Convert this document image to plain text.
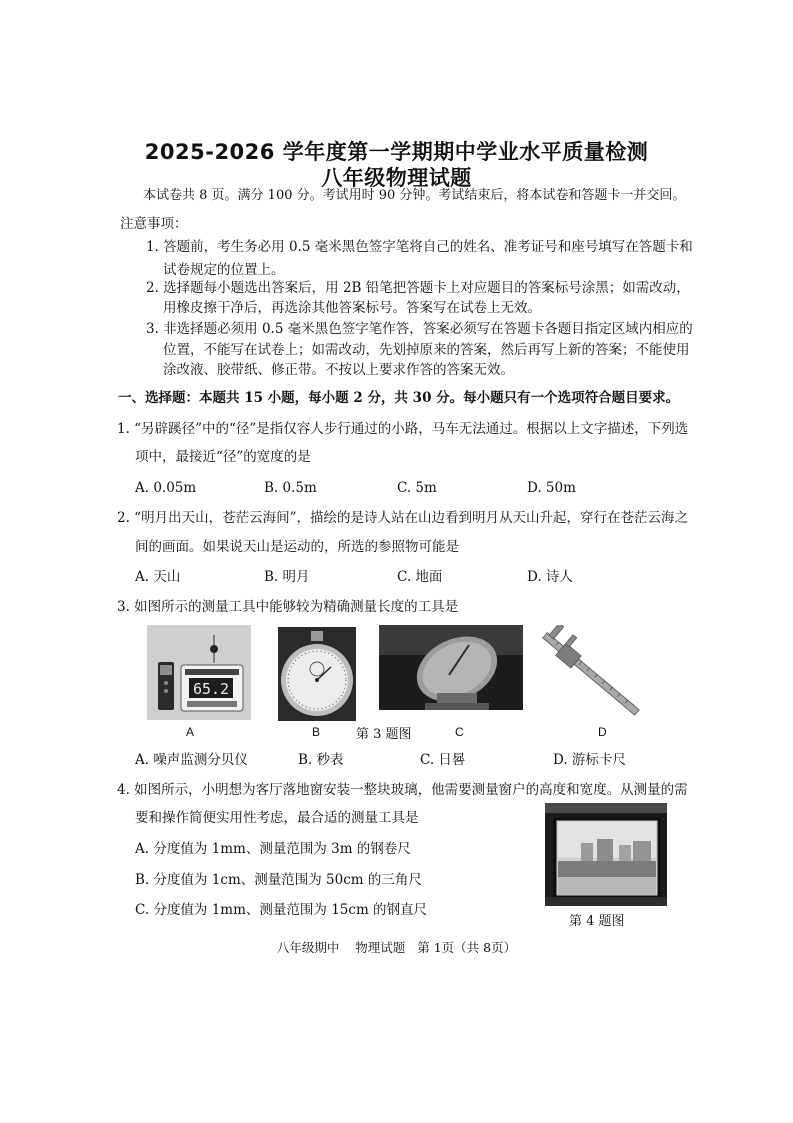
2025-2026 学年度第一学期期中学业水平质量检测
八年级物理试题
本试卷共 8 页。满分 100 分。考试用时 90 分钟。考试结束后，将本试卷和答题卡一并交回。
注意事项：
1. 答题前，考生务必用 0.5 毫米黑色签字笔将自己的姓名、准考证号和座号填写在答题卡和
试卷规定的位置上。
2. 选择题每小题选出答案后，用 2B 铅笔把答题卡上对应题目的答案标号涂黑；如需改动，
用橡皮擦干净后，再选涂其他答案标号。答案写在试卷上无效。
3. 非选择题必须用 0.5 毫米黑色签字笔作答，答案必须写在答题卡各题目指定区域内相应的
位置，不能写在试卷上；如需改动，先划掉原来的答案，然后再写上新的答案；不能使用
涂改液、胶带纸、修正带。不按以上要求作答的答案无效。
一、选择题：本题共 15 小题，每小题 2 分，共 30 分。每小题只有一个选项符合题目要求。
1. “另辟蹊径”中的“径”是指仅容人步行通过的小路，马车无法通过。根据以上文字描述，下列选
项中，最接近“径”的宽度的是
A. 0.05m	B. 0.5m	C. 5m	D. 50m
2. “明月出天山，苍茫云海间”，描绘的是诗人站在山边看到明月从天山升起，穿行在苍茫云海之
间的画面。如果说天山是运动的，所选的参照物可能是
A. 天山	B. 明月	C. 地面	D. 诗人
3. 如图所示的测量工具中能够较为精确测量长度的工具是
65.2
A	B	C
第 3 题图	D
A. 噪声监测分贝仪	B. 秒表	C. 日晷	D. 游标卡尺
4. 如图所示，小明想为客厅落地窗安装一整块玻璃，他需要测量窗户的高度和宽度。从测量的需
要和操作简便实用性考虑，最合适的测量工具是
A. 分度值为 1mm、测量范围为 3m 的钢卷尺
B. 分度值为 1cm、测量范围为 50cm 的三角尺
C. 分度值为 1mm、测量范围为 15cm 的钢直尺
第 4 题图
八年级期中    物理试题   第 1页（共 8页）
